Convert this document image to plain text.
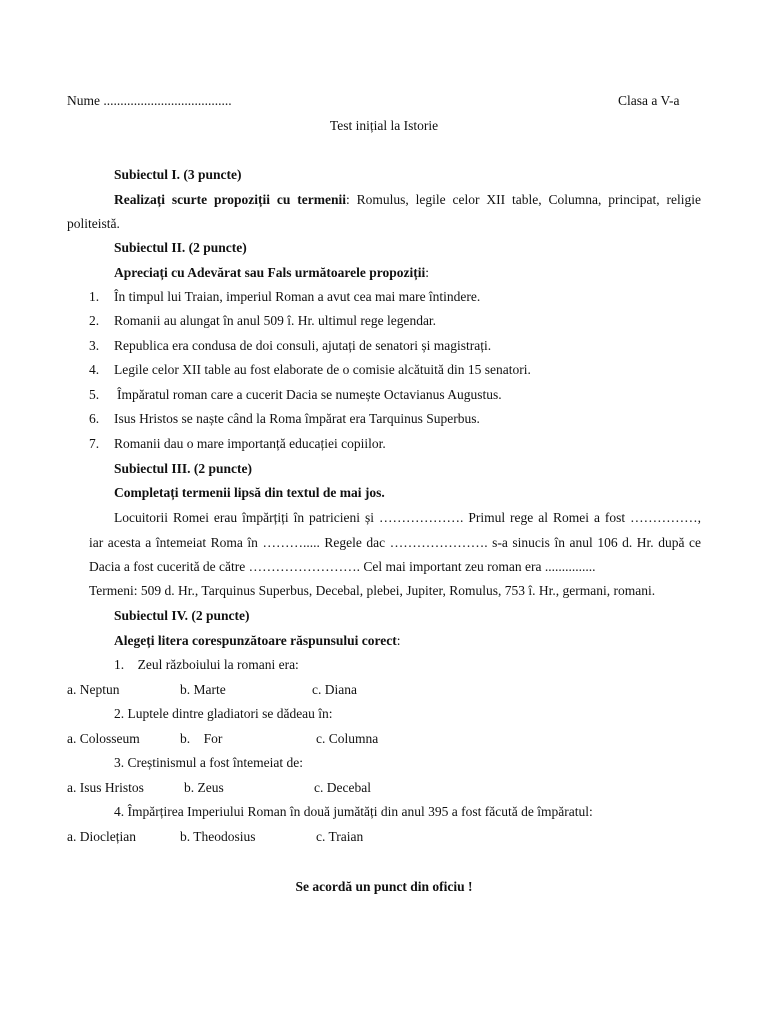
Nume ......................................	Clasa a V-a
Test inițial la Istorie
Subiectul I. (3 puncte)
Realizați scurte propoziții cu termenii: Romulus, legile celor XII table, Columna, principat, religie
politeistă.
Subiectul II. (2 puncte)
Apreciați cu Adevărat sau Fals următoarele propoziții:
1. În timpul lui Traian, imperiul Roman a avut cea mai mare întindere.
2. Romanii au alungat în anul 509 î. Hr. ultimul rege legendar.
3. Republica era condusa de doi consuli, ajutați de senatori și magistrați.
4. Legile celor XII table au fost elaborate de o comisie alcătuită din 15 senatori.
5. Împăratul roman care a cucerit Dacia se numește Octavianus Augustus.
6. Isus Hristos se naște când la Roma împărat era Tarquinus Superbus.
7. Romanii dau o mare importanță educației copiilor.
Subiectul III. (2 puncte)
Completați termenii lipsă din textul de mai jos.
Locuitorii Romei erau împărțiți în patricieni și ………………. Primul rege al Romei a fost ……………,
iar acesta a întemeiat Roma în ………..... Regele dac …………………. s-a sinucis în anul 106 d. Hr. după ce
Dacia a fost cucerită de către ……………………. Cel mai important zeu roman era ...............
Termeni: 509 d. Hr., Tarquinus Superbus, Decebal, plebei, Jupiter, Romulus, 753 î. Hr., germani, romani.
Subiectul IV. (2 puncte)
Alegeți litera corespunzătoare răspunsului corect:
1.    Zeul războiului la romani era:
a. Neptun	b. Marte	c. Diana
2. Luptele dintre gladiatori se dădeau în:
a. Colosseum	b.    For	c. Columna
3. Creștinismul a fost întemeiat de:
a. Isus Hristos	b. Zeus	c. Decebal
4. Împărțirea Imperiului Roman în două jumătăți din anul 395 a fost făcută de împăratul:
a. Dioclețian	b. Theodosius	c. Traian
Se acordă un punct din oficiu !
